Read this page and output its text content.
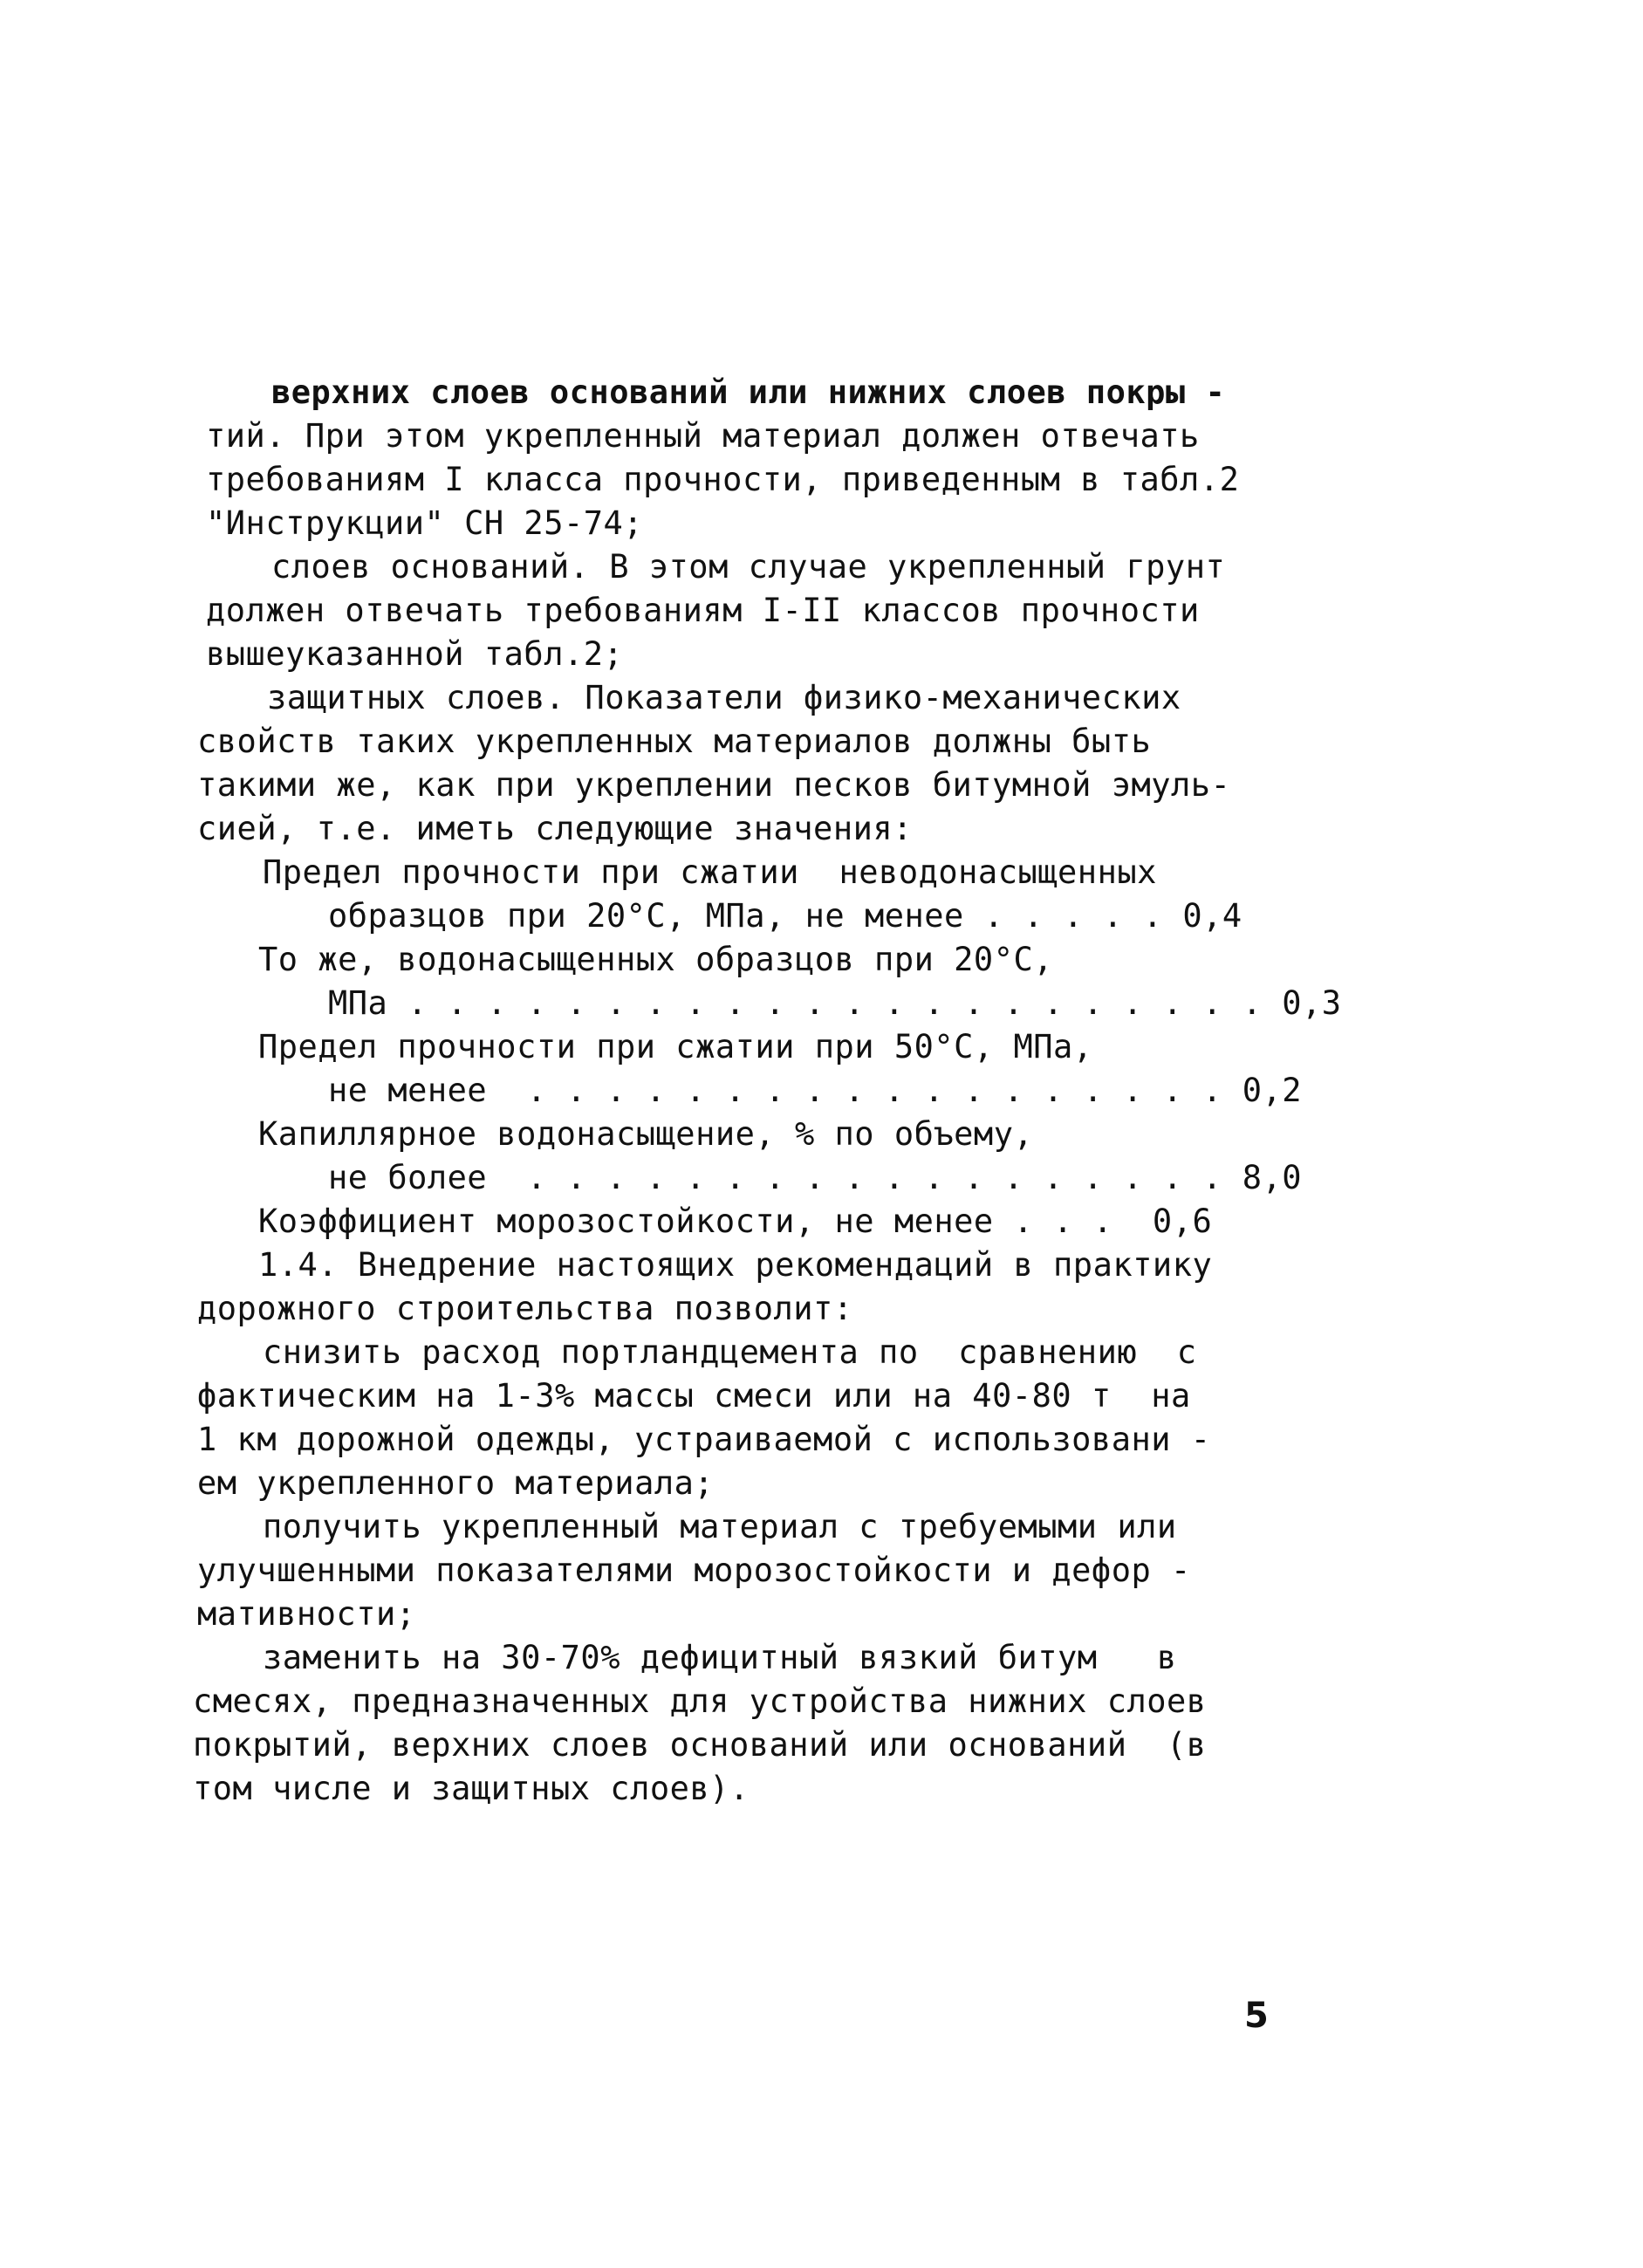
верхних слоев оснований или нижних слоев покры -
тий. При этом укрепленный материал должен отвечать
требованиям I класса прочности, приведенным в табл.2
"Инструкции" СН 25-74;
слоев оснований. В этом случае укрепленный грунт
должен отвечать требованиям I-II классов прочности
вышеуказанной табл.2;
защитных слоев. Показатели физико-механических
свойств таких укрепленных материалов должны быть
такими же, как при укреплении песков битумной эмуль-
сией, т.е. иметь следующие значения:
Предел прочности при сжатии  неводонасыщенных
образцов при 20°С, МПа, не менее . . . . . 0,4
То же, водонасыщенных образцов при 20°С,
МПа . . . . . . . . . . . . . . . . . . . . . . 0,3
Предел прочности при сжатии при 50°С, МПа,
не менее  . . . . . . . . . . . . . . . . . . 0,2
Капиллярное водонасыщение, % по объему,
не более  . . . . . . . . . . . . . . . . . . 8,0
Коэффициент морозостойкости, не менее . . .  0,6
1.4. Внедрение настоящих рекомендаций в практику
дорожного строительства позволит:
снизить расход портландцемента по  сравнению  с
фактическим на 1-3% массы смеси или на 40-80 т  на
1 км дорожной одежды, устраиваемой с использовани -
ем укрепленного материала;
получить укрепленный материал с требуемыми или
улучшенными показателями морозостойкости и дефор -
мативности;
заменить на 30-70% дефицитный вязкий битум   в
смесях, предназначенных для устройства нижних слоев
покрытий, верхних слоев оснований или оснований  (в
том числе и защитных слоев).
5
